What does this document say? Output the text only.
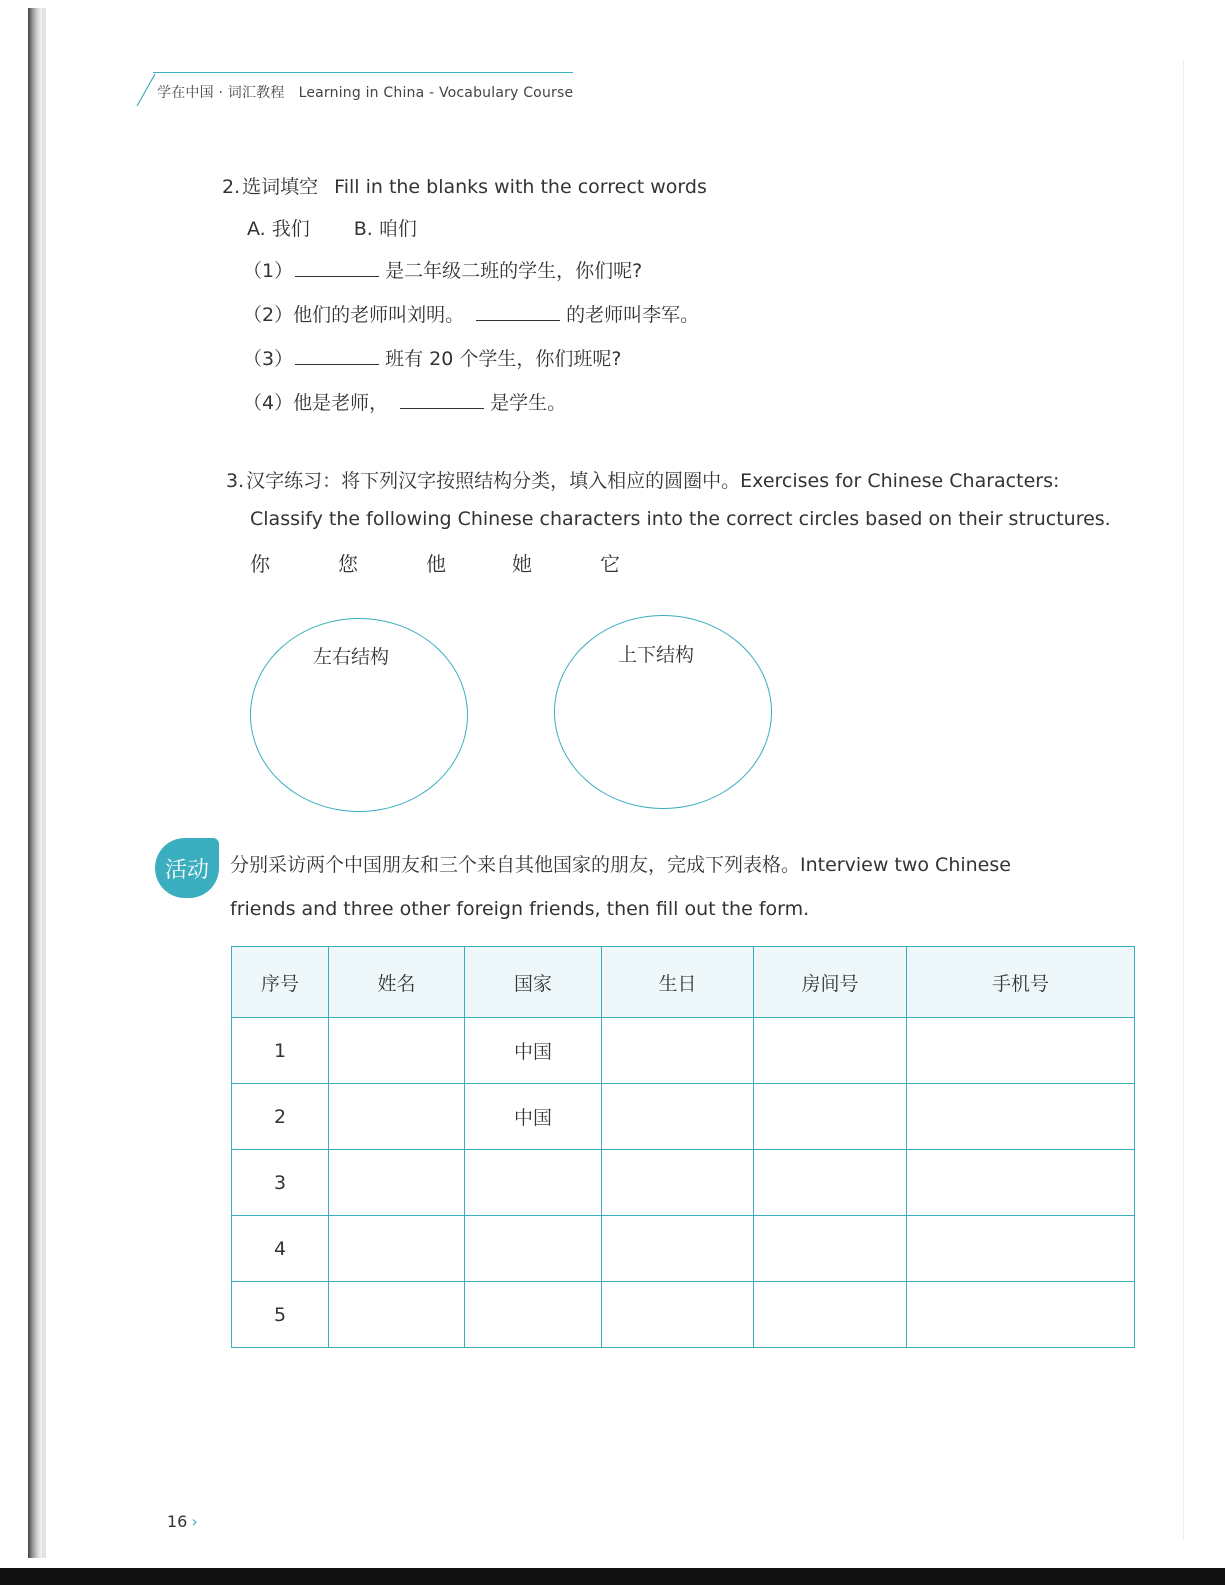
学在中国 · 词汇教程 Learning in China - Vocabulary Course
2. 选词填空 Fill in the blanks with the correct words
A. 我们 B. 咱们
（1）	是二年级二班的学生，你们呢?
（2）他们的老师叫刘明。	的老师叫李军。
（3）	班有 20 个学生，你们班呢?
（4）他是老师，	是学生。
3. 汉字练习：将下列汉字按照结构分类，填入相应的圆圈中。Exercises for Chinese Characters:
Classify the following Chinese characters into the correct circles based on their structures.
你	您	他	她	它
左右结构	上下结构
活动	分别采访两个中国朋友和三个来自其他国家的朋友，完成下列表格。Interview two Chinese
friends and three other foreign friends, then fill out the form.
序号	姓名	国家	生日	房间号	手机号
1		中国			
2		中国			
3					
4					
5					
16 ›
